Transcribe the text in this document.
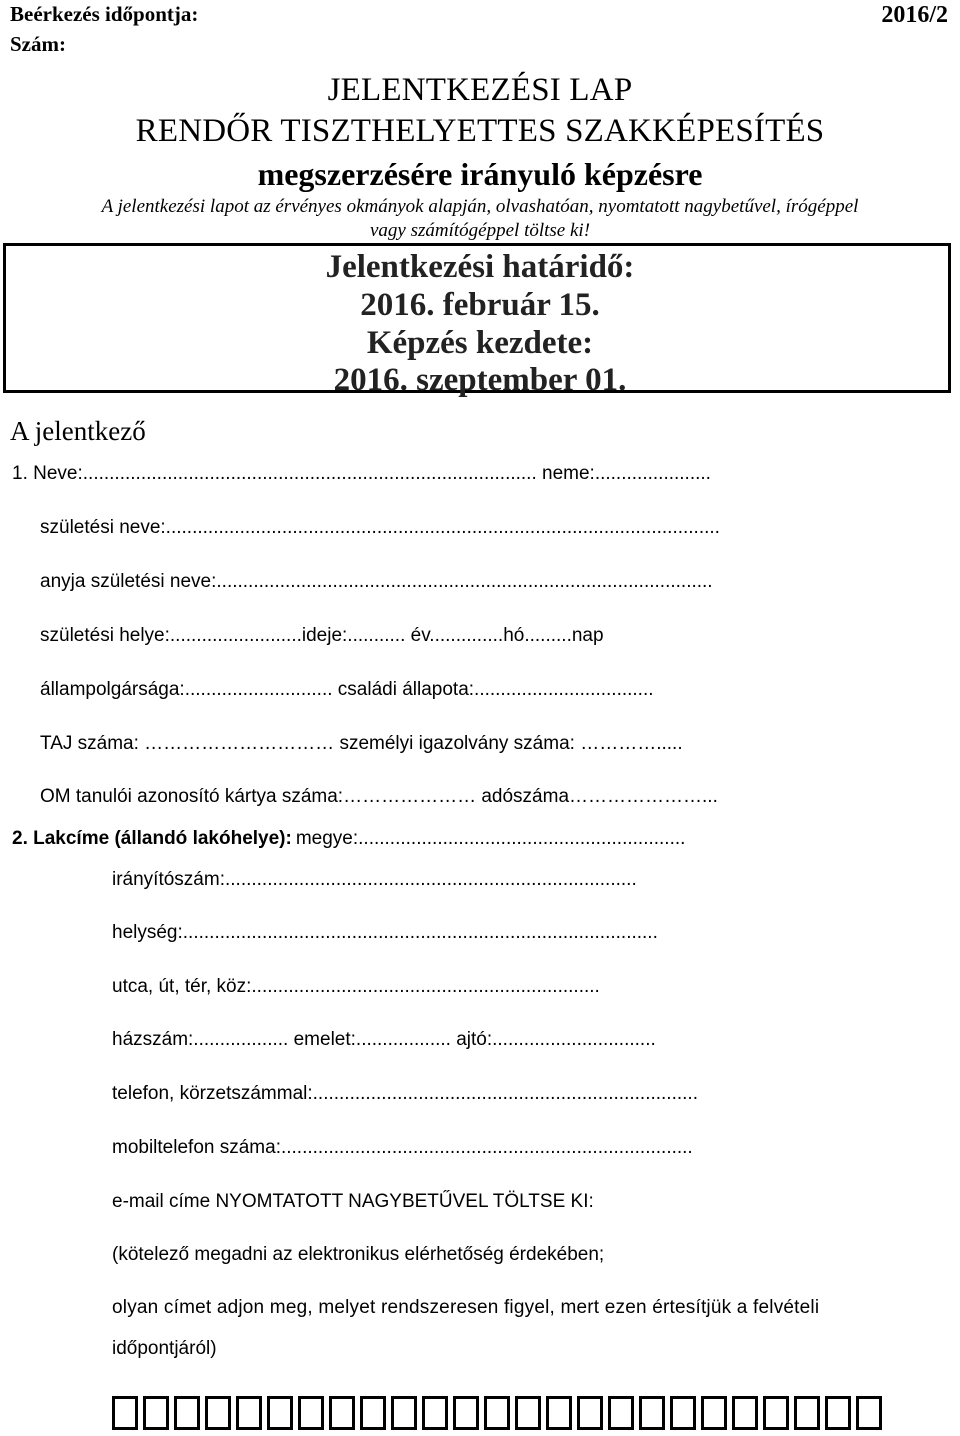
Beérkezés időpontja:
Szám:
2016/2
JELENTKEZÉSI LAP
RENDŐR TISZTHELYETTES SZAKKÉPESÍTÉS
megszerzésére irányuló képzésre
A jelentkezési lapot az érvényes okmányok alapján, olvashatóan, nyomtatott nagybetűvel, írógéppel
vagy számítógéppel töltse ki!
Jelentkezési határidő:
2016. február 15.
Képzés kezdete:
2016. szeptember 01.
A jelentkező
1. Neve:...................................................................................... neme:......................
születési neve:.........................................................................................................
anyja születési neve:..............................................................................................
születési helye:.........................ideje:........... év..............hó.........nap
állampolgársága:............................ családi állapota:..................................
TAJ száma: ………………………… személyi igazolvány száma: ………….....
OM tanulói azonosító kártya száma:………………… adószáma…………………...
2. Lakcíme (állandó lakóhelye): megye:..............................................................
irányítószám:..............................................................................
helység:..........................................................................................
utca, út, tér, köz:..................................................................
házszám:.................. emelet:.................. ajtó:...............................
telefon, körzetszámmal:.........................................................................
mobiltelefon száma:..............................................................................
e-mail címe NYOMTATOTT NAGYBETŰVEL TÖLTSE KI:
(kötelező megadni az elektronikus elérhetőség érdekében;
olyan címet adjon meg, melyet rendszeresen figyel, mert ezen értesítjük a felvételi
időpontjáról)
